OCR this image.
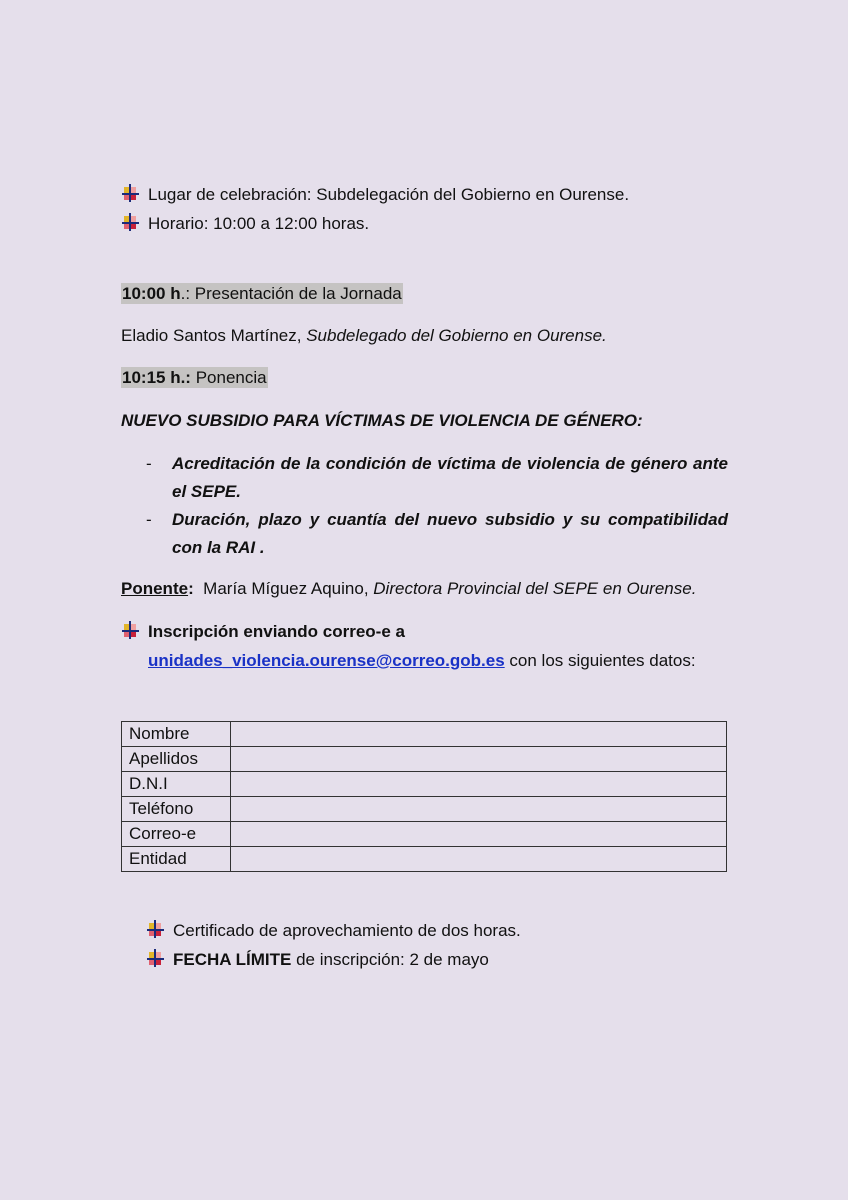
Lugar de celebración: Subdelegación del Gobierno en Ourense.
Horario: 10:00 a 12:00 horas.
10:00 h.: Presentación de la Jornada
Eladio Santos Martínez, Subdelegado del Gobierno en Ourense.
10:15 h.: Ponencia
NUEVO SUBSIDIO PARA VÍCTIMAS DE VIOLENCIA DE GÉNERO:
- Acreditación de la condición de víctima de violencia de género ante el SEPE.
- Duración, plazo y cuantía del nuevo subsidio y su compatibilidad con la RAI .
Ponente:  María Míguez Aquino, Directora Provincial del SEPE en Ourense.
Inscripción enviando correo-e a
unidades_violencia.ourense@correo.gob.es con los siguientes datos:
Nombre	
Apellidos	
D.N.I	
Teléfono	
Correo-e	
Entidad	
Certificado de aprovechamiento de dos horas.
FECHA LÍMITE de inscripción: 2 de mayo
